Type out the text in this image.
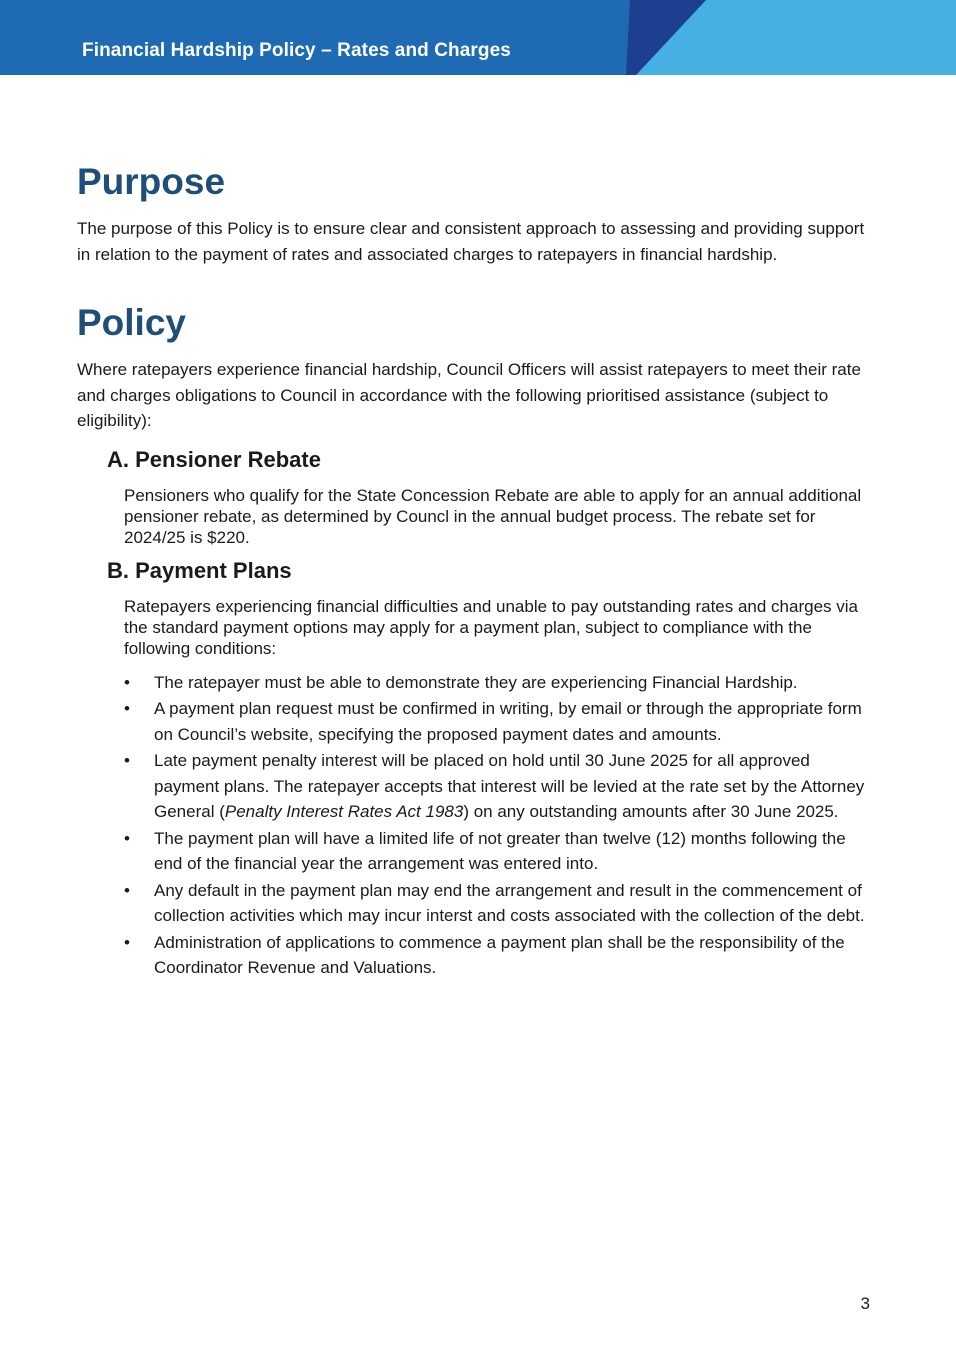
Financial Hardship Policy – Rates and Charges
Purpose

The purpose of this Policy is to ensure clear and consistent approach to assessing and providing support in relation to the payment of rates and associated charges to ratepayers in financial hardship.

Policy

Where ratepayers experience financial hardship, Council Officers will assist ratepayers to meet their rate and charges obligations to Council in accordance with the following prioritised assistance (subject to eligibility):

A. Pensioner Rebate

Pensioners who qualify for the State Concession Rebate are able to apply for an annual additional pensioner rebate, as determined by Councl in the annual budget process. The rebate set for 2024/25 is $220.

B. Payment Plans

Ratepayers experiencing financial difficulties and unable to pay outstanding rates and charges via the standard payment options may apply for a payment plan, subject to compliance with the following conditions:

• The ratepayer must be able to demonstrate they are experiencing Financial Hardship.
• A payment plan request must be confirmed in writing, by email or through the appropriate form on Council’s website, specifying the proposed payment dates and amounts.
• Late payment penalty interest will be placed on hold until 30 June 2025 for all approved payment plans. The ratepayer accepts that interest will be levied at the rate set by the Attorney General (Penalty Interest Rates Act 1983) on any outstanding amounts after 30 June 2025.
• The payment plan will have a limited life of not greater than twelve (12) months following the end of the financial year the arrangement was entered into.
• Any default in the payment plan may end the arrangement and result in the commencement of collection activities which may incur interst and costs associated with the collection of the debt.
• Administration of applications to commence a payment plan shall be the responsibility of the Coordinator Revenue and Valuations.
3
